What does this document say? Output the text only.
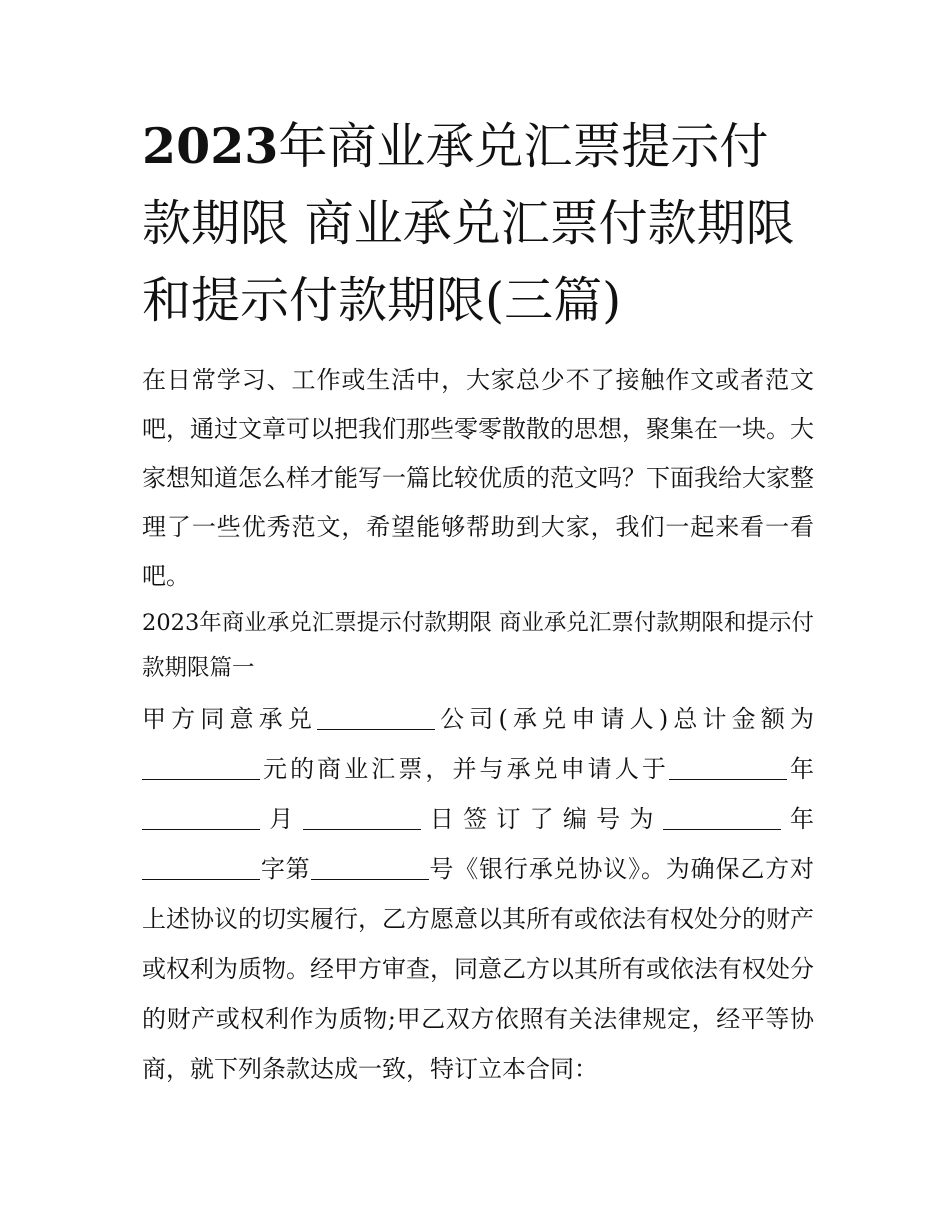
2023年商业承兑汇票提示付款期限 商业承兑汇票付款期限和提示付款期限(三篇)

在日常学习、工作或生活中，大家总少不了接触作文或者范文吧，通过文章可以把我们那些零零散散的思想，聚集在一块。大家想知道怎么样才能写一篇比较优质的范文吗？下面我给大家整理了一些优秀范文，希望能够帮助到大家，我们一起来看一看吧。

2023年商业承兑汇票提示付款期限 商业承兑汇票付款期限和提示付款期限篇一

甲方同意承兑	公司(承兑申请人)总计金额为元的商业汇票，并与承兑申请人于	年月	日签订了编号为	年字第	号《银行承兑协议》。为确保乙方对上述协议的切实履行，乙方愿意以其所有或依法有权处分的财产或权利为质物。经甲方审查，同意乙方以其所有或依法有权处分的财产或权利作为质物;甲乙双方依照有关法律规定，经平等协商，就下列条款达成一致，特订立本合同：
